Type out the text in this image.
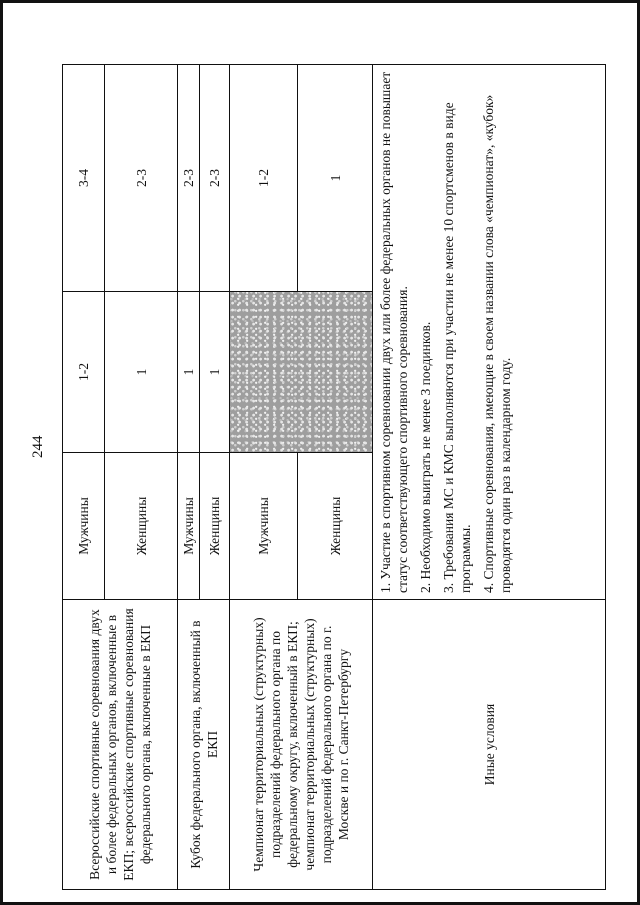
244
Всероссийские спортивные соревнования двух и более федеральных органов, включенные в ЕКП; всероссийские спортивные соревнования федерального органа, включенные в ЕКП	Мужчины	1-2	3-4
	Женщины	1	2-3
Кубок федерального органа, включенный в ЕКП	Мужчины	1	2-3
	Женщины	1	2-3
Чемпионат территориальных (структурных) подразделений федерального органа по федеральному округу, включенный в ЕКП; чемпионат территориальных (структурных) подразделений федерального органа по г. Москве и по г. Санкт-Петербургу	Мужчины		1-2
	Женщины		1
Иные условия	1. Участие в спортивном соревновании двух или более федеральных органов не повышает статус соответствующего спортивного соревнования. 2. Необходимо выиграть не менее 3 поединков. 3. Требования МС и КМС выполняются при участии не менее 10 спортсменов в виде программы. 4. Спортивные соревнования, имеющие в своем названии слова «чемпионат», «кубок» проводятся один раз в календарном году.		
